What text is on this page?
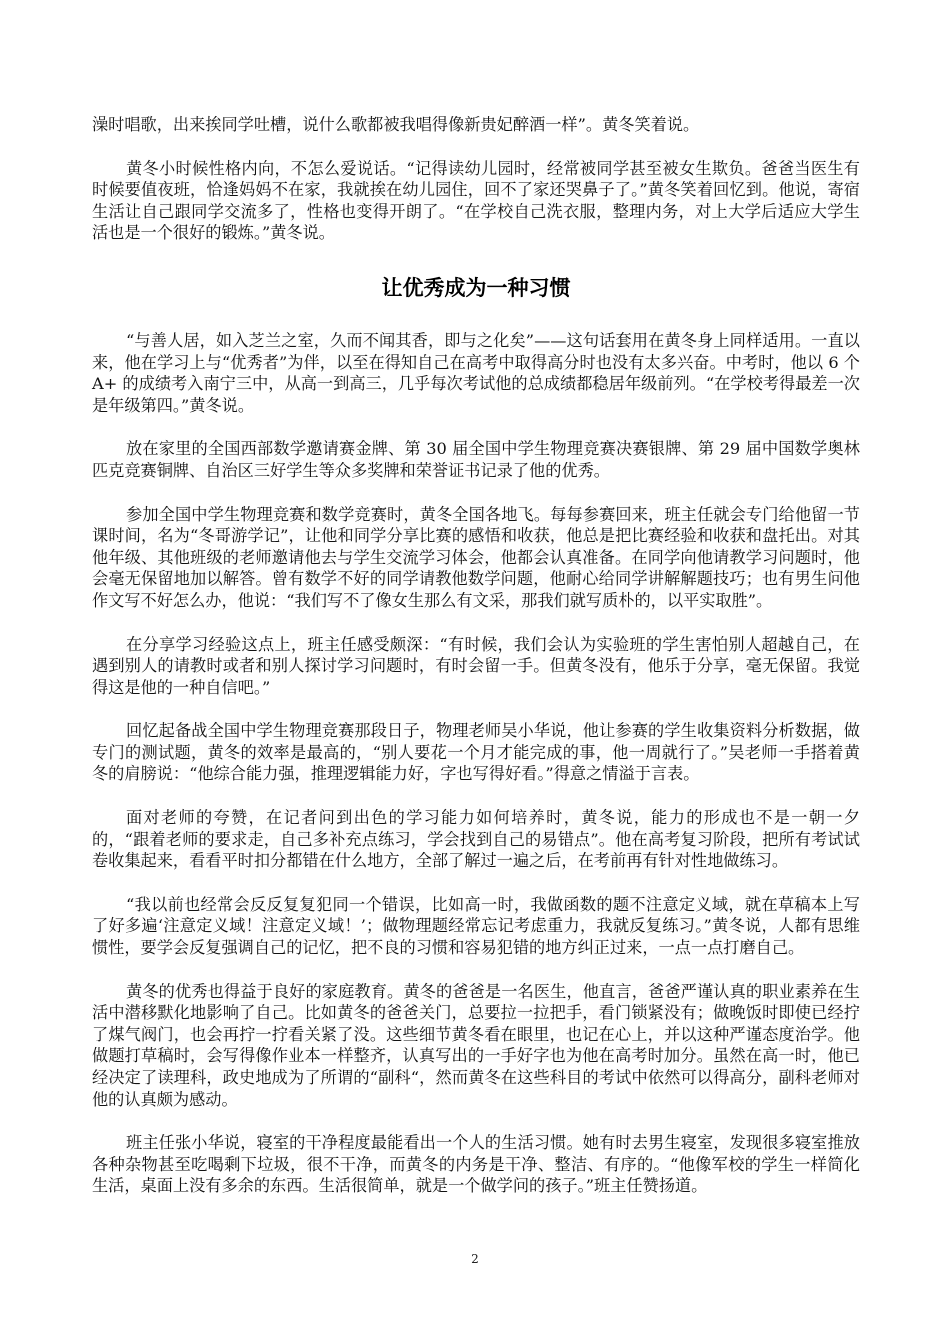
澡时唱歌，出来挨同学吐槽，说什么歌都被我唱得像新贵妃醉酒一样”。黄冬笑着说。

黄冬小时候性格内向，不怎么爱说话。“记得读幼儿园时，经常被同学甚至被女生欺负。爸爸当医生有时候要值夜班，恰逢妈妈不在家，我就挨在幼儿园住，回不了家还哭鼻子了。”黄冬笑着回忆到。他说，寄宿生活让自己跟同学交流多了，性格也变得开朗了。“在学校自己洗衣服，整理内务，对上大学后适应大学生活也是一个很好的锻炼。”黄冬说。

让优秀成为一种习惯

“与善人居，如入芝兰之室，久而不闻其香，即与之化矣”——这句话套用在黄冬身上同样适用。一直以来，他在学习上与“优秀者”为伴，以至在得知自己在高考中取得高分时也没有太多兴奋。中考时，他以 6 个 A+ 的成绩考入南宁三中，从高一到高三，几乎每次考试他的总成绩都稳居年级前列。“在学校考得最差一次是年级第四。”黄冬说。

放在家里的全国西部数学邀请赛金牌、第 30 届全国中学生物理竞赛决赛银牌、第 29 届中国数学奥林匹克竞赛铜牌、自治区三好学生等众多奖牌和荣誉证书记录了他的优秀。

参加全国中学生物理竞赛和数学竞赛时，黄冬全国各地飞。每每参赛回来，班主任就会专门给他留一节课时间，名为“冬哥游学记”，让他和同学分享比赛的感悟和收获，他总是把比赛经验和收获和盘托出。对其他年级、其他班级的老师邀请他去与学生交流学习体会，他都会认真准备。在同学向他请教学习问题时，他会毫无保留地加以解答。曾有数学不好的同学请教他数学问题，他耐心给同学讲解解题技巧；也有男生问他作文写不好怎么办，他说：“我们写不了像女生那么有文采，那我们就写质朴的，以平实取胜”。

在分享学习经验这点上，班主任感受颇深：“有时候，我们会认为实验班的学生害怕别人超越自己，在遇到别人的请教时或者和别人探讨学习问题时，有时会留一手。但黄冬没有，他乐于分享，毫无保留。我觉得这是他的一种自信吧。”

回忆起备战全国中学生物理竞赛那段日子，物理老师吴小华说，他让参赛的学生收集资料分析数据，做专门的测试题，黄冬的效率是最高的，“别人要花一个月才能完成的事，他一周就行了。”吴老师一手搭着黄冬的肩膀说：“他综合能力强，推理逻辑能力好，字也写得好看。”得意之情溢于言表。

面对老师的夸赞，在记者问到出色的学习能力如何培养时，黄冬说，能力的形成也不是一朝一夕的，“跟着老师的要求走，自己多补充点练习，学会找到自己的易错点”。他在高考复习阶段，把所有考试试卷收集起来，看看平时扣分都错在什么地方，全部了解过一遍之后，在考前再有针对性地做练习。

“我以前也经常会反反复复犯同一个错误，比如高一时，我做函数的题不注意定义域，就在草稿本上写了好多遍‘注意定义域！注意定义域！’；做物理题经常忘记考虑重力，我就反复练习。”黄冬说，人都有思维惯性，要学会反复强调自己的记忆，把不良的习惯和容易犯错的地方纠正过来，一点一点打磨自己。

黄冬的优秀也得益于良好的家庭教育。黄冬的爸爸是一名医生，他直言，爸爸严谨认真的职业素养在生活中潜移默化地影响了自己。比如黄冬的爸爸关门，总要拉一拉把手，看门锁紧没有；做晚饭时即使已经拧了煤气阀门，也会再拧一拧看关紧了没。这些细节黄冬看在眼里，也记在心上，并以这种严谨态度治学。他做题打草稿时，会写得像作业本一样整齐，认真写出的一手好字也为他在高考时加分。虽然在高一时，他已经决定了读理科，政史地成为了所谓的“副科“，然而黄冬在这些科目的考试中依然可以得高分，副科老师对他的认真颇为感动。

班主任张小华说，寝室的干净程度最能看出一个人的生活习惯。她有时去男生寝室，发现很多寝室推放各种杂物甚至吃喝剩下垃圾，很不干净，而黄冬的内务是干净、整洁、有序的。“他像军校的学生一样简化生活，桌面上没有多余的东西。生活很简单，就是一个做学问的孩子。”班主任赞扬道。

2
